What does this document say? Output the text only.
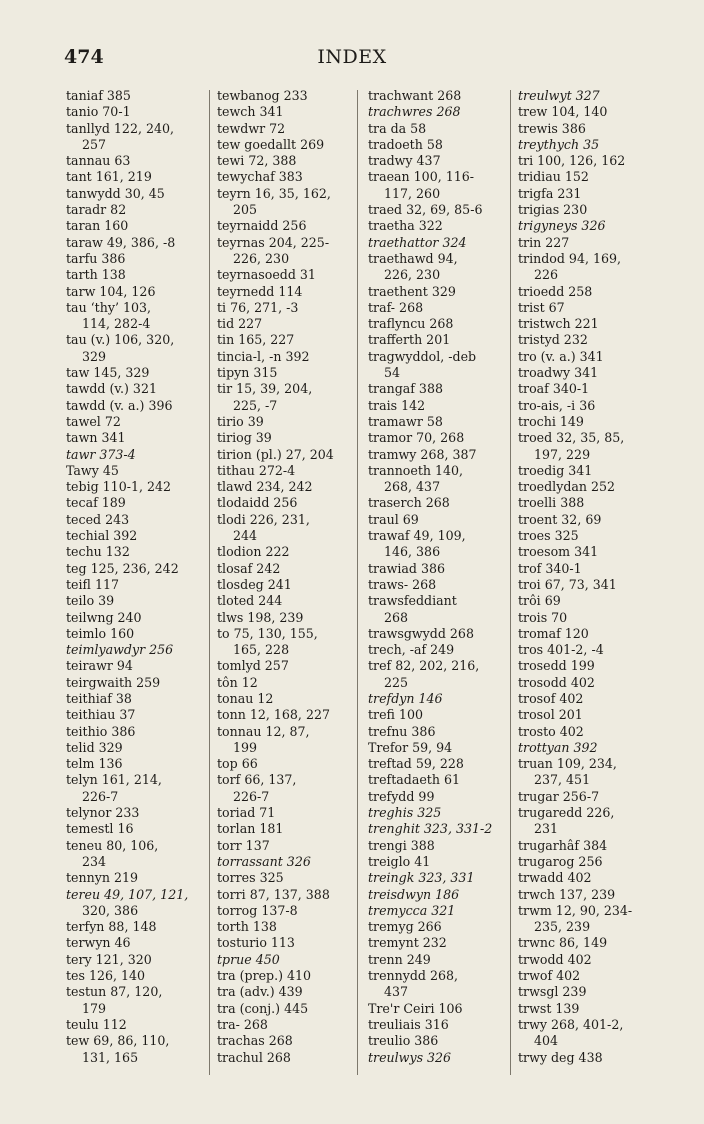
474	INDEX
taniaf 385
tanio 70-1
tanllyd 122, 240,
257
tannau 63
tant 161, 219
tanwydd 30, 45
taradr 82
taran 160
taraw 49, 386, -8
tarfu 386
tarth 138
tarw 104, 126
tau ‘thy’ 103,
114, 282-4
tau (v.) 106, 320,
329
taw 145, 329
tawdd (v.) 321
tawdd (v. a.) 396
tawel 72
tawn 341
tawr 373-4
Tawy 45
tebig 110-1, 242
tecaf 189
teced 243
techial 392
techu 132
teg 125, 236, 242
teifl 117
teilo 39
teilwng 240
teimlo 160
teimlyawdyr 256
teirawr 94
teirgwaith 259
teithiaf 38
teithiau 37
teithio 386
telid 329
telm 136
telyn 161, 214,
226-7
telynor 233
temestl 16
teneu 80, 106,
234
tennyn 219
tereu 49, 107, 121,
320, 386
terfyn 88, 148
terwyn 46
tery 121, 320
tes 126, 140
testun 87, 120,
179
teulu 112
tew 69, 86, 110,
131, 165
tewbanog 233
tewch 341
tewdwr 72
tew goedallt 269
tewi 72, 388
tewychaf 383
teyrn 16, 35, 162,
205
teyrnaidd 256
teyrnas 204, 225-
226, 230
teyrnasoedd 31
teyrnedd 114
ti 76, 271, -3
tid 227
tin 165, 227
tincia-l, -n 392
tipyn 315
tir 15, 39, 204,
225, -7
tirio 39
tiriog 39
tirion (pl.) 27, 204
tithau 272-4
tlawd 234, 242
tlodaidd 256
tlodi 226, 231,
244
tlodion 222
tlosaf 242
tlosdeg 241
tloted 244
tlws 198, 239
to 75, 130, 155,
165, 228
tomlyd 257
tôn 12
tonau 12
tonn 12, 168, 227
tonnau 12, 87,
199
top 66
torf 66, 137,
226-7
toriad 71
torlan 181
torr 137
torrassant 326
torres 325
torri 87, 137, 388
torrog 137-8
torth 138
tosturio 113
tprue 450
tra (prep.) 410
tra (adv.) 439
tra (conj.) 445
tra- 268
trachas 268
trachul 268
trachwant 268
trachwres 268
tra da 58
tradoeth 58
tradwy 437
traean 100, 116-
117, 260
traed 32, 69, 85-6
traetha 322
traethattor 324
traethawd 94,
226, 230
traethent 329
traf- 268
traflyncu 268
trafferth 201
tragwyddol, -deb
54
trangaf 388
trais 142
tramawr 58
tramor 70, 268
tramwy 268, 387
trannoeth 140,
268, 437
traserch 268
traul 69
trawaf 49, 109,
146, 386
trawiad 386
traws- 268
trawsfeddiant
268
trawsgwydd 268
trech, -af 249
tref 82, 202, 216,
225
trefdyn 146
trefi 100
trefnu 386
Trefor 59, 94
treftad 59, 228
treftadaeth 61
trefydd 99
treghis 325
trenghit 323, 331-2
trengi 388
treiglo 41
treingk 323, 331
treisdwyn 186
tremycca 321
tremyg 266
tremynt 232
trenn 249
trennydd 268,
437
Tre'r Ceiri 106
treuliais 316
treulio 386
treulwys 326
treulwyt 327
trew 104, 140
trewis 386
treythych 35
tri 100, 126, 162
tridiau 152
trigfa 231
trigias 230
trigyneys 326
trin 227
trindod 94, 169,
226
trioedd 258
trist 67
tristwch 221
tristyd 232
tro (v. a.) 341
troadwy 341
troaf 340-1
tro-ais, -i 36
trochi 149
troed 32, 35, 85,
197, 229
troedig 341
troedlydan 252
troelli 388
troent 32, 69
troes 325
troesom 341
trof 340-1
troi 67, 73, 341
trôi 69
trois 70
tromaf 120
tros 401-2, -4
trosedd 199
trosodd 402
trosof 402
trosol 201
trosto 402
trottyan 392
truan 109, 234,
237, 451
trugar 256-7
trugaredd 226,
231
trugarhâf 384
trugarog 256
trwadd 402
trwch 137, 239
trwm 12, 90, 234-
235, 239
trwnc 86, 149
trwodd 402
trwof 402
trwsgl 239
trwst 139
trwy 268, 401-2,
404
trwy deg 438
